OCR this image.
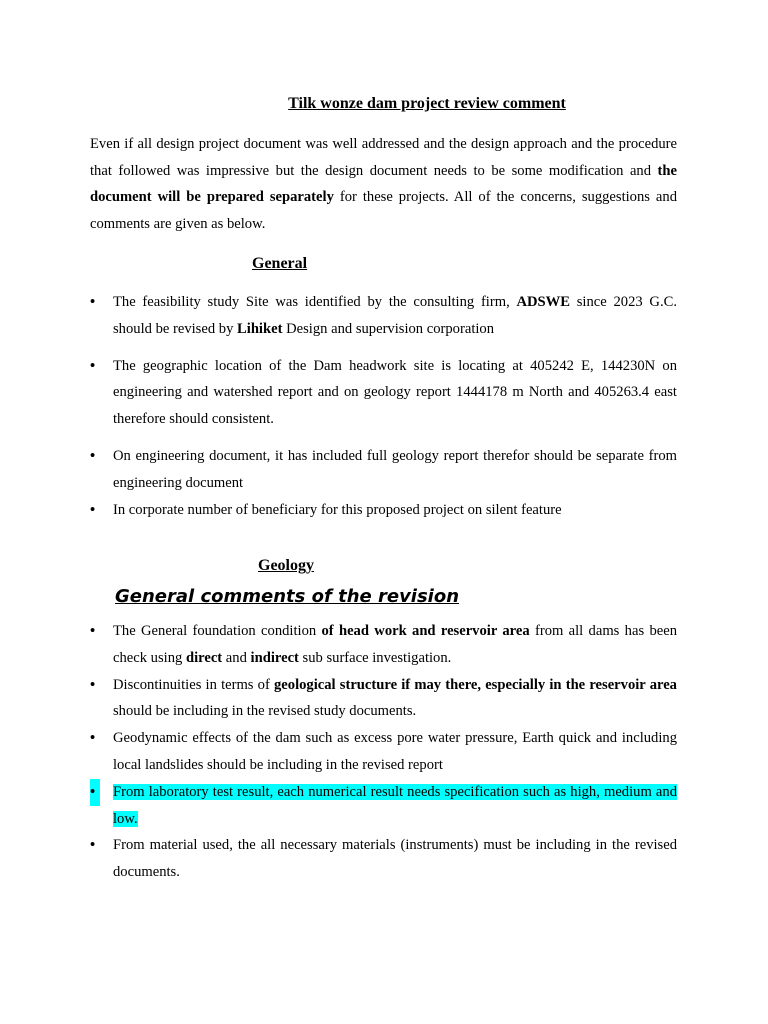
Tilk wonze dam project review comment

Even if all design project document was well addressed and the design approach and the procedure that followed was impressive but the design document needs to be some modification and the document will be prepared separately for these projects. All of the concerns, suggestions and comments are given as below.

General
•	The feasibility study Site was identified by the consulting firm, ADSWE since 2023 G.C. should be revised by Lihiket Design and supervision corporation
•	The geographic location of the Dam headwork site is locating at 405242 E, 144230N on engineering and watershed report and on geology report 1444178 m North and 405263.4 east therefore should consistent.
•	On engineering document, it has included full geology report therefor should be separate from engineering document
•	In corporate number of beneficiary for this proposed project on silent feature
Geology
General comments of the revision
•	The General foundation condition of head work and reservoir area from all dams has been check using direct and indirect sub surface investigation.
•	Discontinuities in terms of geological structure if may there, especially in the reservoir area should be including in the revised study documents.
•	Geodynamic effects of the dam such as excess pore water pressure, Earth quick and including local landslides should be including in the revised report
•	From laboratory test result, each numerical result needs specification such as high, medium and low.
•	From material used, the all necessary materials (instruments) must be including in the revised documents.
